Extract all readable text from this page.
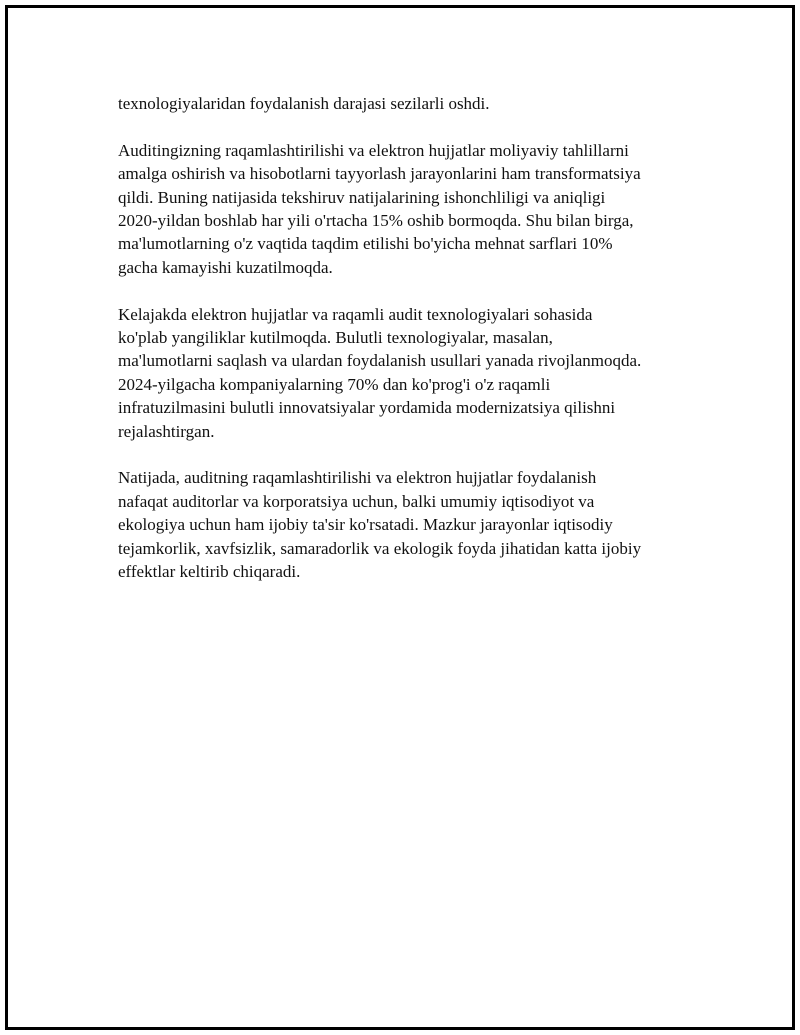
texnologiyalaridan foydalanish darajasi sezilarli oshdi.

Auditingizning raqamlashtirilishi va elektron hujjatlar moliyaviy tahlillarni
amalga oshirish va hisobotlarni tayyorlash jarayonlarini ham transformatsiya
qildi. Buning natijasida tekshiruv natijalarining ishonchliligi va aniqligi
2020-yildan boshlab har yili o'rtacha 15% oshib bormoqda. Shu bilan birga,
ma'lumotlarning o'z vaqtida taqdim etilishi bo'yicha mehnat sarflari 10%
gacha kamayishi kuzatilmoqda.

Kelajakda elektron hujjatlar va raqamli audit texnologiyalari sohasida
ko'plab yangiliklar kutilmoqda. Bulutli texnologiyalar, masalan,
ma'lumotlarni saqlash va ulardan foydalanish usullari yanada rivojlanmoqda.
2024-yilgacha kompaniyalarning 70% dan ko'prog'i o'z raqamli
infratuzilmasini bulutli innovatsiyalar yordamida modernizatsiya qilishni
rejalashtirgan.

Natijada, auditning raqamlashtirilishi va elektron hujjatlar foydalanish
nafaqat auditorlar va korporatsiya uchun, balki umumiy iqtisodiyot va
ekologiya uchun ham ijobiy ta'sir ko'rsatadi. Mazkur jarayonlar iqtisodiy
tejamkorlik, xavfsizlik, samaradorlik va ekologik foyda jihatidan katta ijobiy
effektlar keltirib chiqaradi.
